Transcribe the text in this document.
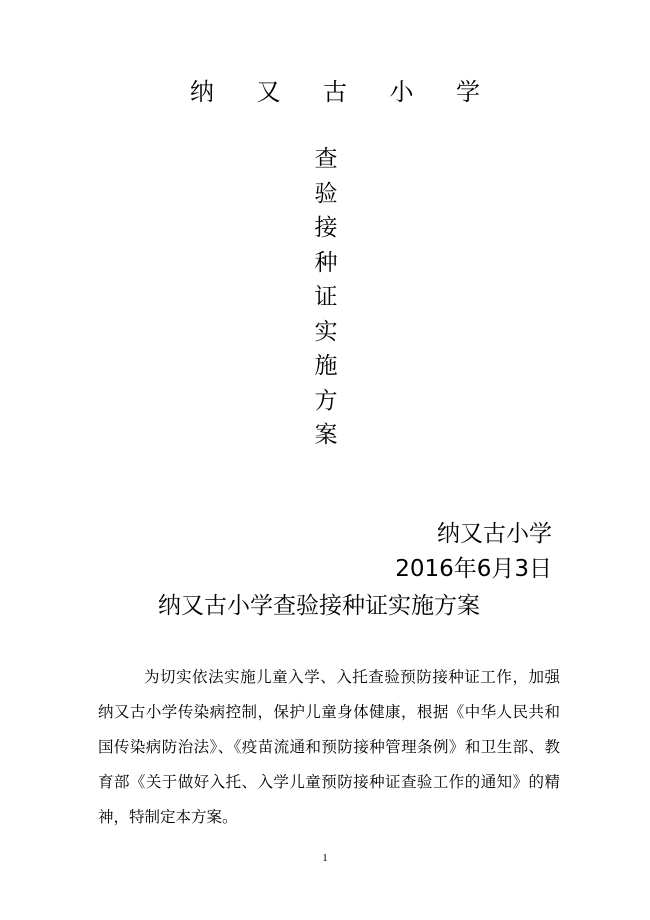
纳 又 古 小 学
查
验
接
种
证
实
施
方
案
纳又古小学
2016年6月3日
纳又古小学查验接种证实施方案

为切实依法实施儿童入学、入托查验预防接种证工作，加强纳又古小学传染病控制，保护儿童身体健康，根据《中华人民共和国传染病防治法》、《疫苗流通和预防接种管理条例》和卫生部、教育部《关于做好入托、入学儿童预防接种证查验工作的通知》的精神，特制定本方案。

1
